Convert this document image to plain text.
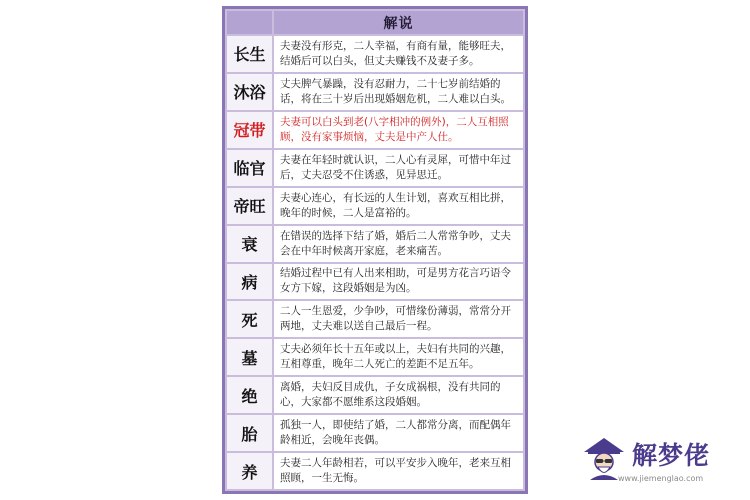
解说
长生	夫妻没有形克，二人幸福，有商有量，能够旺夫，结婚后可以白头，但丈夫赚钱不及妻子多。
沐浴	丈夫脾气暴躁，没有忍耐力，二十七岁前结婚的话，将在三十岁后出现婚姻危机，二人难以白头。
冠带	夫妻可以白头到老(八字相冲的例外)，二人互相照顾，没有家事烦恼，丈夫是中产人仕。
临官	夫妻在年轻时就认识，二人心有灵犀，可惜中年过后，丈夫忍受不住诱惑，见异思迁。
帝旺	夫妻心连心，有长远的人生计划，喜欢互相比拼，晚年的时候，二人是富裕的。
衰	在错误的选择下结了婚，婚后二人常常争吵，丈夫会在中年时候离开家庭，老来痛苦。
病	结婚过程中已有人出来相助，可是男方花言巧语令女方下嫁，这段婚姻是为凶。
死	二人一生恩爱，少争吵，可惜缘份薄弱，常常分开两地，丈夫难以送自己最后一程。
墓	丈夫必须年长十五年或以上，夫妇有共同的兴趣，互相尊重，晚年二人死亡的差距不足五年。
绝	离婚，夫妇反目成仇，子女成祸根，没有共同的心，大家都不愿维系这段婚姻。
胎	孤独一人，即使结了婚，二人都常分离，而配偶年龄相近，会晚年丧偶。
养	夫妻二人年龄相若，可以平安步入晚年，老来互相照顾，一生无悔。
解梦佬
www.jiemenglao.com
